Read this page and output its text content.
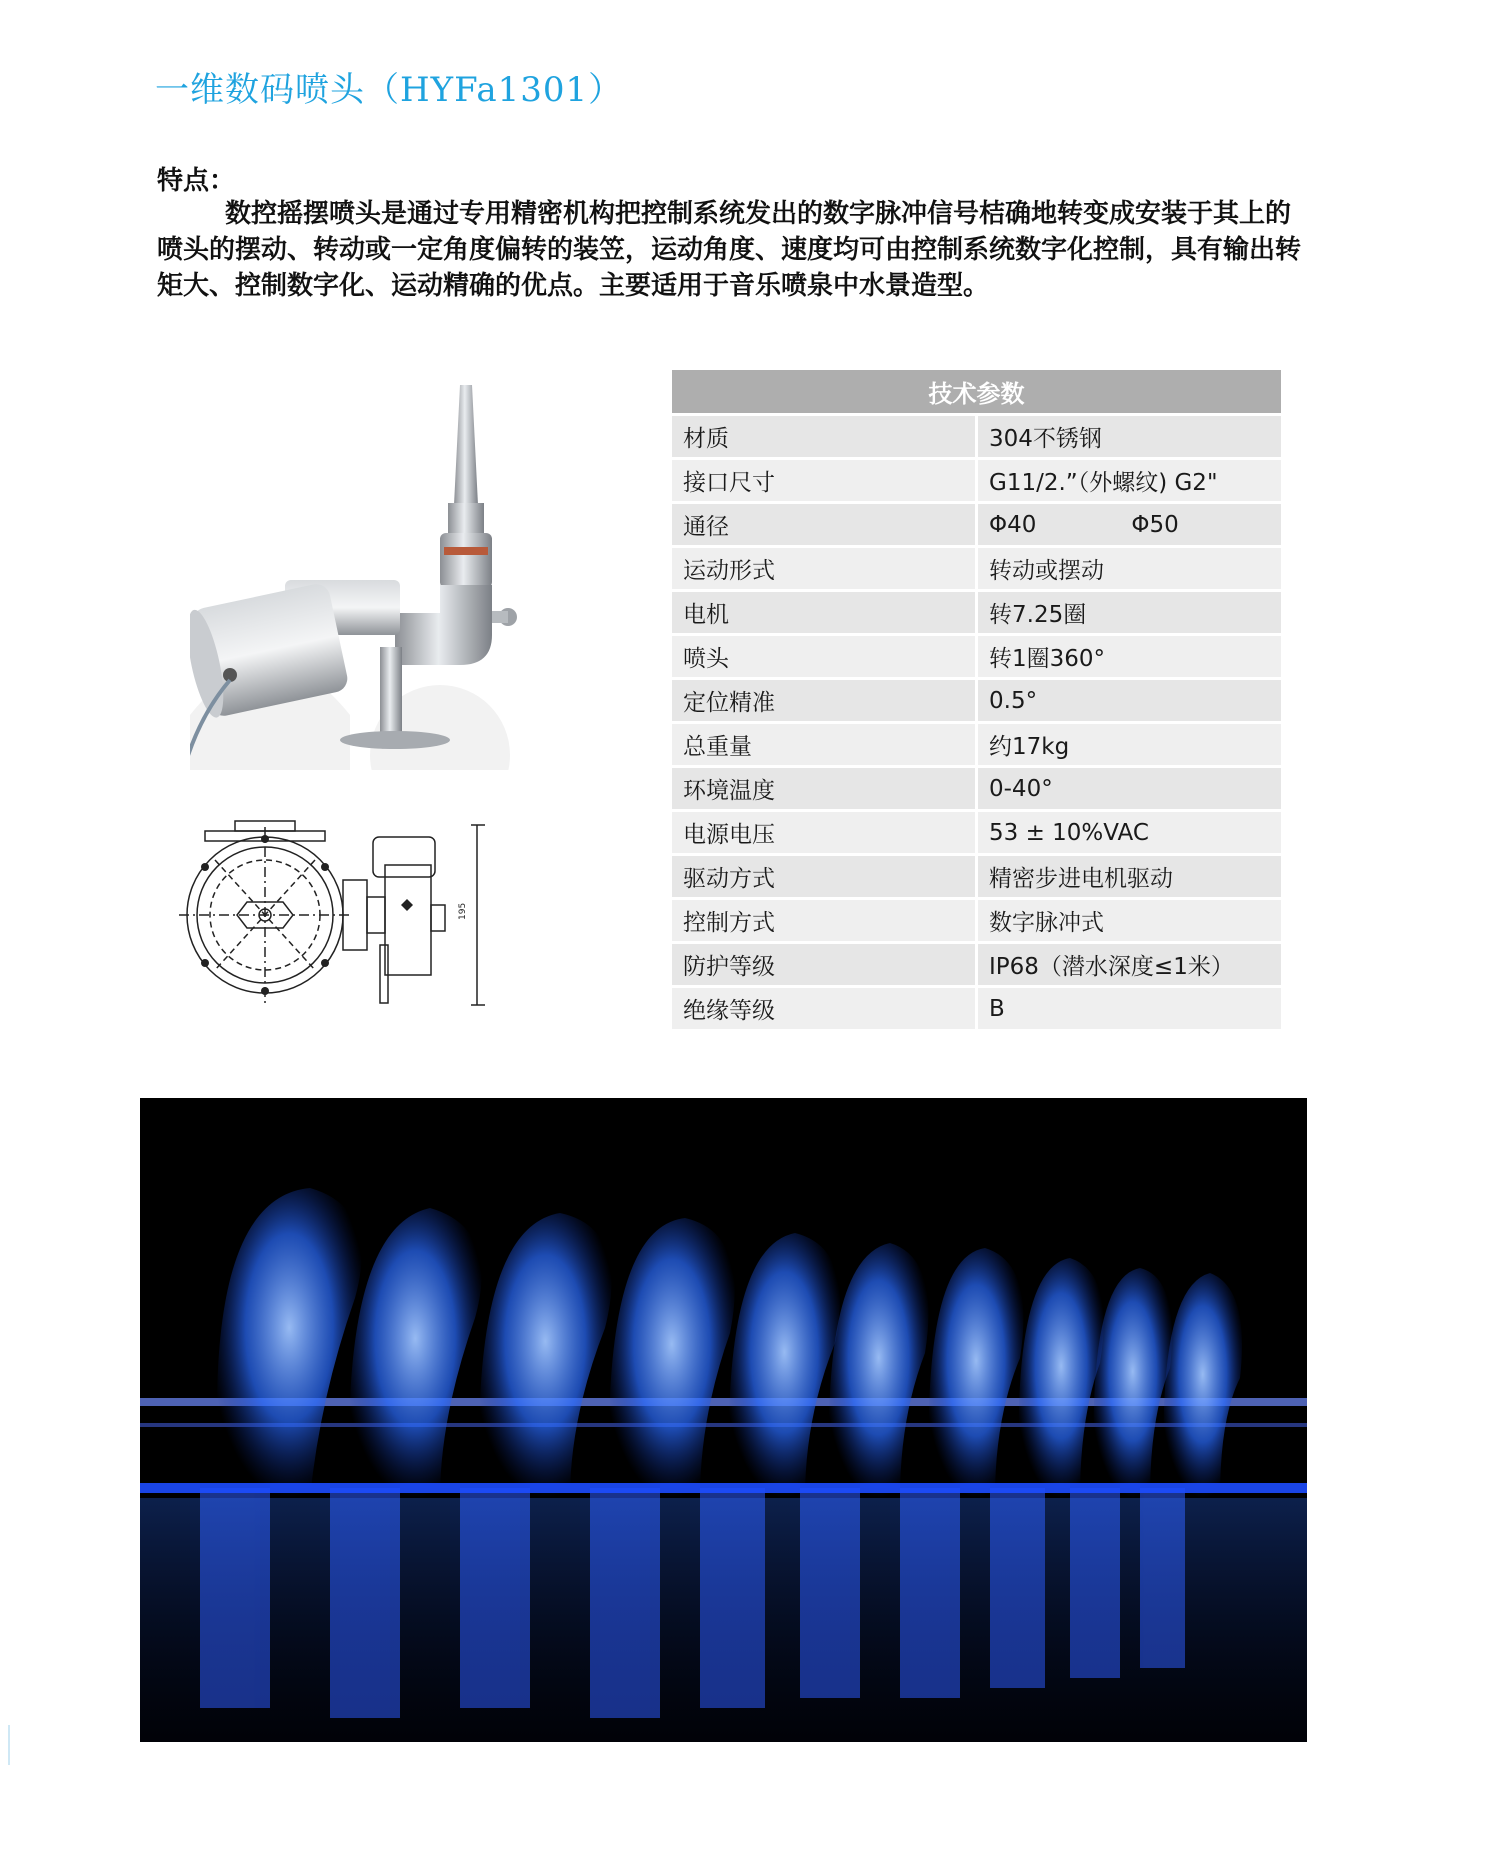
一维数码喷头（HYFa1301）
特点：
数控摇摆喷头是通过专用精密机构把控制系统发出的数字脉冲信号桔确地转变成安装于其上的喷头的摆动、转动或一定角度偏转的装笠，运动角度、速度均可由控制系统数字化控制，具有输出转矩大、控制数字化、运动精确的优点。主要适用于音乐喷泉中水景造型。
195
技术参数	
材质	304不锈钢
接口尺寸	G11/2.”（外螺纹) G2"
通径	Φ40 Φ50
运动形式	转动或摆动
电机	转7.25圈
喷头	转1圈360°
定位精准	0.5°
总重量	约17kg
环境温度	0-40°
电源电压	53 ± 10%VAC
驱动方式	精密步进电机驱动
控制方式	数字脉冲式
防护等级	IP68（潜水深度≤1米）
绝缘等级	B
